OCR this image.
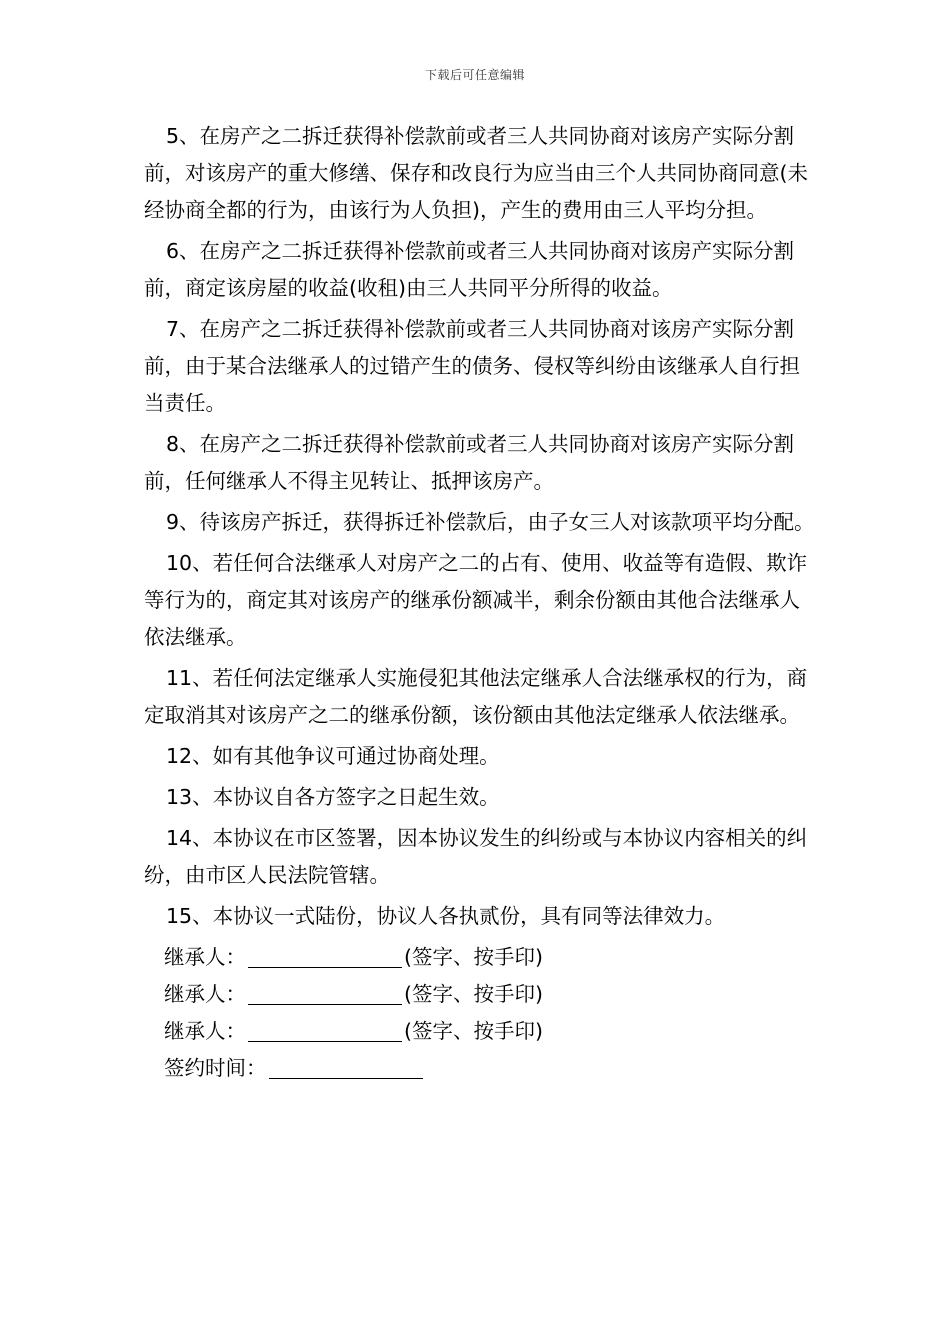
下载后可任意编辑

5、在房产之二拆迁获得补偿款前或者三人共同协商对该房产实际分割前，对该房产的重大修缮、保存和改良行为应当由三个人共同协商同意(未经协商全都的行为，由该行为人负担)，产生的费用由三人平均分担。

6、在房产之二拆迁获得补偿款前或者三人共同协商对该房产实际分割前，商定该房屋的收益(收租)由三人共同平分所得的收益。

7、在房产之二拆迁获得补偿款前或者三人共同协商对该房产实际分割前，由于某合法继承人的过错产生的债务、侵权等纠纷由该继承人自行担当责任。

8、在房产之二拆迁获得补偿款前或者三人共同协商对该房产实际分割前，任何继承人不得主见转让、抵押该房产。

9、待该房产拆迁，获得拆迁补偿款后，由子女三人对该款项平均分配。

10、若任何合法继承人对房产之二的占有、使用、收益等有造假、欺诈等行为的，商定其对该房产的继承份额减半，剩余份额由其他合法继承人依法继承。

11、若任何法定继承人实施侵犯其他法定继承人合法继承权的行为，商定取消其对该房产之二的继承份额，该份额由其他法定继承人依法继承。

12、如有其他争议可通过协商处理。

13、本协议自各方签字之日起生效。

14、本协议在市区签署，因本协议发生的纠纷或与本协议内容相关的纠纷，由市区人民法院管辖。

15、本协议一式陆份，协议人各执贰份，具有同等法律效力。

继承人：	(签字、按手印)
继承人：	(签字、按手印)
继承人：	(签字、按手印)
签约时间：
